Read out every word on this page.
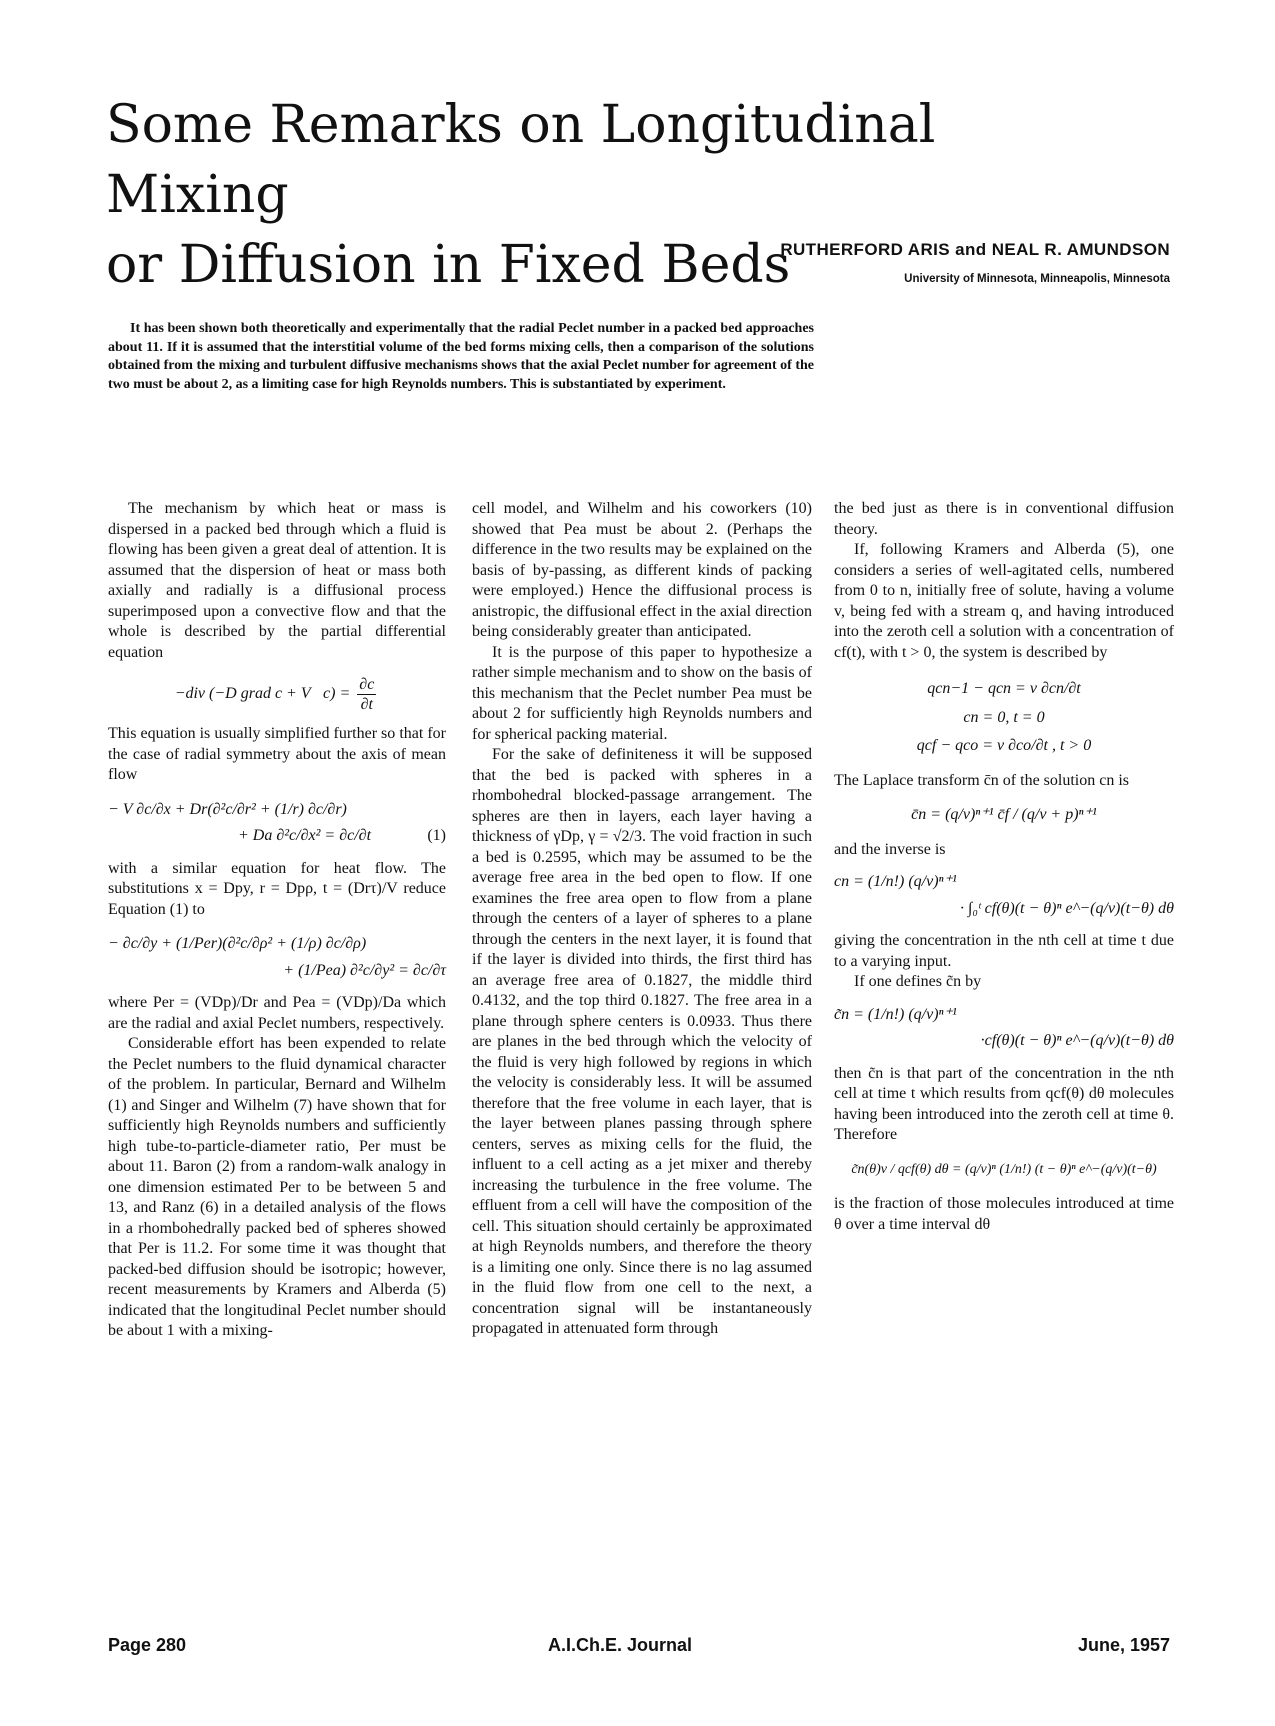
Some Remarks on Longitudinal Mixing
or Diffusion in Fixed Beds
RUTHERFORD ARIS and NEAL R. AMUNDSON
University of Minnesota, Minneapolis, Minnesota

It has been shown both theoretically and experimentally that the radial Peclet number in a packed bed approaches about 11. If it is assumed that the interstitial volume of the bed forms mixing cells, then a comparison of the solutions obtained from the mixing and turbulent diffusive mechanisms shows that the axial Peclet number for agreement of the two must be about 2, as a limiting case for high Reynolds numbers. This is substantiated by experiment.

The mechanism by which heat or mass is dispersed in a packed bed through which a fluid is flowing has been given a great deal of attention. It is assumed that the dispersion of heat or mass both axially and radially is a diffusional process superimposed upon a convective flow and that the whole is described by the partial differential equation

−div (−D grad c + V⃗c) = $\frac{\partial c}{\partial t}$

This equation is usually simplified further so that for the case of radial symmetry about the axis of mean flow

− V ∂c/∂x + Dr(∂²c/∂r² + (1/r) ∂c/∂r)
+ Da ∂²c/∂x² = ∂c/∂t	(1)

with a similar equation for heat flow. The substitutions x = Dpy, r = Dpρ, t = (Drτ)/V reduce Equation (1) to

− ∂c/∂y + (1/Per)(∂²c/∂ρ² + (1/ρ) ∂c/∂ρ)
+ (1/Pea) ∂²c/∂y² = ∂c/∂τ

where Per = (VDp)/Dr and Pea = (VDp)/Da which are the radial and axial Peclet numbers, respectively.

Considerable effort has been expended to relate the Peclet numbers to the fluid dynamical character of the problem. In particular, Bernard and Wilhelm (1) and Singer and Wilhelm (7) have shown that for sufficiently high Reynolds numbers and sufficiently high tube-to-particle-diameter ratio, Per must be about 11. Baron (2) from a random-walk analogy in one dimension estimated Per to be between 5 and 13, and Ranz (6) in a detailed analysis of the flows in a rhombohedrally packed bed of spheres showed that Per is 11.2. For some time it was thought that packed-bed diffusion should be isotropic; however, recent measurements by Kramers and Alberda (5) indicated that the longitudinal Peclet number should be about 1 with a mixing-

cell model, and Wilhelm and his coworkers (10) showed that Pea must be about 2. (Perhaps the difference in the two results may be explained on the basis of by-passing, as different kinds of packing were employed.) Hence the diffusional process is anistropic, the diffusional effect in the axial direction being considerably greater than anticipated.

It is the purpose of this paper to hypothesize a rather simple mechanism and to show on the basis of this mechanism that the Peclet number Pea must be about 2 for sufficiently high Reynolds numbers and for spherical packing material.

For the sake of definiteness it will be supposed that the bed is packed with spheres in a rhombohedral blocked-passage arrangement. The spheres are then in layers, each layer having a thickness of γDp, γ = √2/3. The void fraction in such a bed is 0.2595, which may be assumed to be the average free area in the bed open to flow. If one examines the free area open to flow from a plane through the centers of a layer of spheres to a plane through the centers in the next layer, it is found that if the layer is divided into thirds, the first third has an average free area of 0.1827, the middle third 0.4132, and the top third 0.1827. The free area in a plane through sphere centers is 0.0933. Thus there are planes in the bed through which the velocity of the fluid is very high followed by regions in which the velocity is considerably less. It will be assumed therefore that the free volume in each layer, that is the layer between planes passing through sphere centers, serves as mixing cells for the fluid, the influent to a cell acting as a jet mixer and thereby increasing the turbulence in the free volume. The effluent from a cell will have the composition of the cell. This situation should certainly be approximated at high Reynolds numbers, and therefore the theory is a limiting one only. Since there is no lag assumed in the fluid flow from one cell to the next, a concentration signal will be instantaneously propagated in attenuated form through

the bed just as there is in conventional diffusion theory.

If, following Kramers and Alberda (5), one considers a series of well-agitated cells, numbered from 0 to n, initially free of solute, having a volume v, being fed with a stream q, and having introduced into the zeroth cell a solution with a concentration of cf(t), with t > 0, the system is described by

qcn−1 − qcn = v ∂cn/∂t
cn = 0, t = 0
qcf − qco = v ∂co/∂t , t > 0

The Laplace transform c̄n of the solution cn is

c̄n = (q/v)ⁿ⁺¹ c̄f / (q/v + p)ⁿ⁺¹

and the inverse is

cn = (1/n!) (q/v)ⁿ⁺¹
· ∫₀ᵗ cf(θ)(t − θ)ⁿ e^−(q/v)(t−θ) dθ

giving the concentration in the nth cell at time t due to a varying input.

If one defines c̃n by

c̃n = (1/n!) (q/v)ⁿ⁺¹
·cf(θ)(t − θ)ⁿ e^−(q/v)(t−θ) dθ

then c̃n is that part of the concentration in the nth cell at time t which results from qcf(θ) dθ molecules having been introduced into the zeroth cell at time θ. Therefore

c̃n(θ)v / qcf(θ) dθ = (q/v)ⁿ (1/n!) (t − θ)ⁿ e^−(q/v)(t−θ)

is the fraction of those molecules introduced at time θ over a time interval dθ

Page 280	A.I.Ch.E. Journal	June, 1957
